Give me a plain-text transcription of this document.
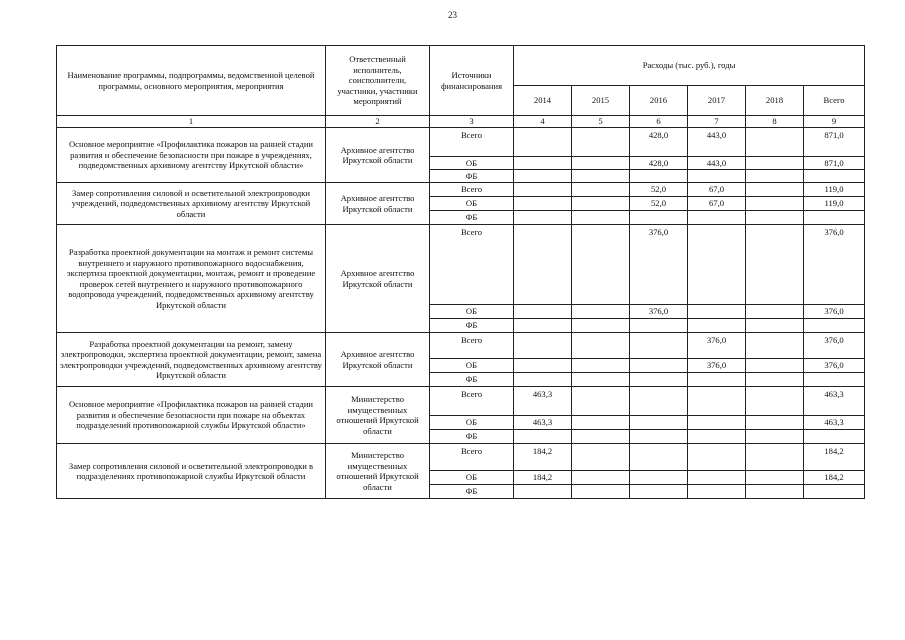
23
Наименование программы, подпрограммы, ведомственной целевой программы, основного мероприятия, мероприятия	Ответственный исполнитель, соисполнители, участники, участники мероприятий	Источники финансирования	Расходы (тыс. руб.), годы					
			2014	2015	2016	2017	2018	Всего
1	2	3	4	5	6	7	8	9
Основное мероприятие «Профилактика пожаров на ранней стадии развития и обеспечение безопасности при пожаре в учреждениях, подведомственных архивному агентству Иркутской области»	Архивное агентство Иркутской области	Всего			428,0	443,0		871,0
		ОБ			428,0	443,0		871,0
		ФБ						
Замер сопротивления силовой и осветительной электропроводки учреждений, подведомственных архивному агентству Иркутской области	Архивное агентство Иркутской области	Всего			52,0	67,0		119,0
		ОБ			52,0	67,0		119,0
		ФБ						
Разработка проектной документации на монтаж и ремонт системы внутреннего и наружного противопожарного водоснабжения, экспертиза проектной документации, монтаж, ремонт и проведение проверок сетей внутреннего и наружного противопожарного водопровода учреждений, подведомственных архивному агентству Иркутской области	Архивное агентство Иркутской области	Всего			376,0			376,0
		ОБ			376,0			376,0
		ФБ						
Разработка проектной документации на ремонт, замену электропроводки, экспертиза проектной документации, ремонт, замена электропроводки учреждений, подведомственных архивному агентству Иркутской области	Архивное агентство Иркутской области	Всего				376,0		376,0
		ОБ				376,0		376,0
		ФБ						
Основное мероприятие «Профилактика пожаров на ранней стадии развития и обеспечение безопасности при пожаре на объектах подразделений противопожарной службы Иркутской области»	Министерство имущественных отношений Иркутской области	Всего	463,3					463,3
		ОБ	463,3					463,3
		ФБ						
Замер сопротивления силовой и осветительной электропроводки в подразделениях противопожарной службы Иркутской области	Министерство имущественных отношений Иркутской области	Всего	184,2					184,2
		ОБ	184,2					184,2
		ФБ						
